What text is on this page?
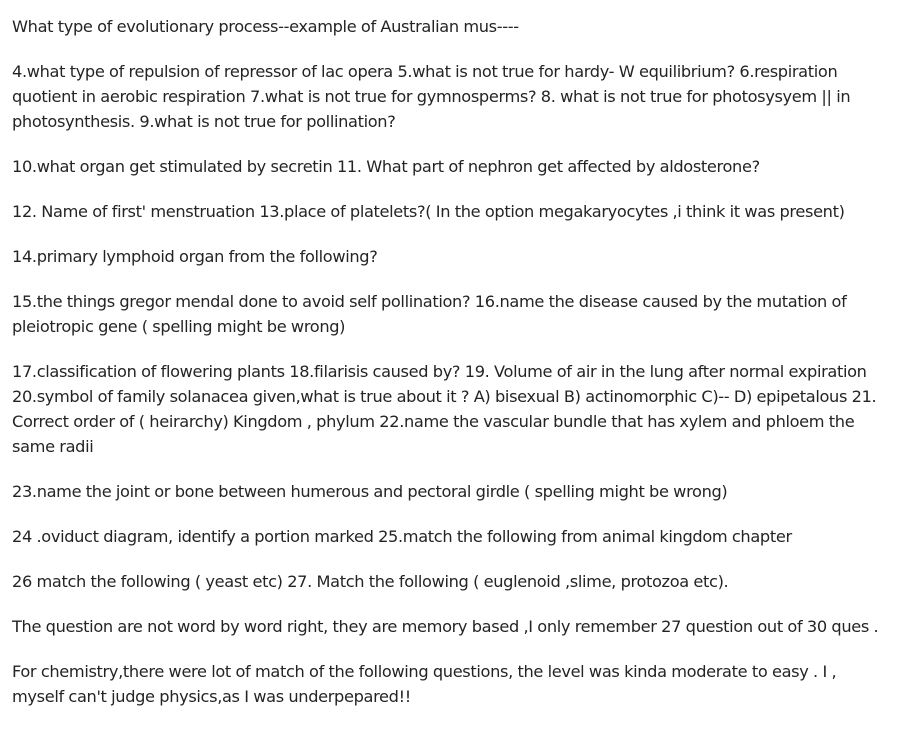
What type of evolutionary process--example of Australian mus----

4.what type of repulsion of repressor of lac opera 5.what is not true for hardy- W equilibrium? 6.respiration quotient in aerobic respiration 7.what is not true for gymnosperms? 8. what is not true for photosysyem || in photosynthesis. 9.what is not true for pollination?

10.what organ get stimulated by secretin 11. What part of nephron get affected by aldosterone?

12. Name of first' menstruation 13.place of platelets?( In the option megakaryocytes ,i think it was present)

14.primary lymphoid organ from the following?

15.the things gregor mendal done to avoid self pollination? 16.name the disease caused by the mutation of pleiotropic gene ( spelling might be wrong)

17.classification of flowering plants 18.filarisis caused by? 19. Volume of air in the lung after normal expiration 20.symbol of family solanacea given,what is true about it ? A) bisexual B) actinomorphic C)-- D) epipetalous 21. Correct order of ( heirarchy) Kingdom , phylum 22.name the vascular bundle that has xylem and phloem the same radii

23.name the joint or bone between humerous and pectoral girdle ( spelling might be wrong)

24 .oviduct diagram, identify a portion marked 25.match the following from animal kingdom chapter

26 match the following ( yeast etc) 27. Match the following ( euglenoid ,slime, protozoa etc).

The question are not word by word right, they are memory based ,I only remember 27 question out of 30 ques .

For chemistry,there were lot of match of the following questions, the level was kinda moderate to easy . I , myself can't judge physics,as I was underpepared!!
